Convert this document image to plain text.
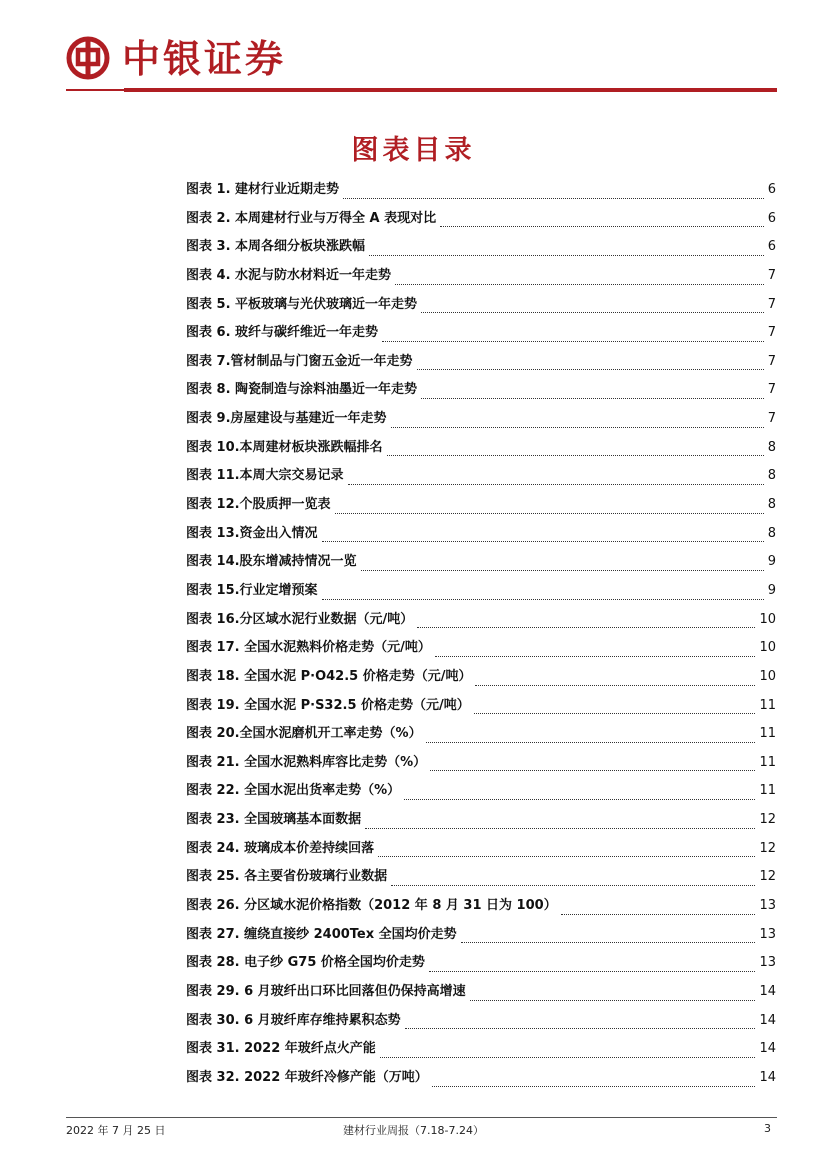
中银证券
图表目录
图表 1. 建材行业近期走势	6
图表 2. 本周建材行业与万得全 A 表现对比	6
图表 3. 本周各细分板块涨跌幅	6
图表 4. 水泥与防水材料近一年走势	7
图表 5. 平板玻璃与光伏玻璃近一年走势	7
图表 6. 玻纤与碳纤维近一年走势	7
图表 7.管材制品与门窗五金近一年走势	7
图表 8. 陶瓷制造与涂料油墨近一年走势	7
图表 9.房屋建设与基建近一年走势	7
图表 10.本周建材板块涨跌幅排名	8
图表 11.本周大宗交易记录	8
图表 12.个股质押一览表	8
图表 13.资金出入情况	8
图表 14.股东增减持情况一览	9
图表 15.行业定增预案	9
图表 16.分区域水泥行业数据（元/吨）	10
图表 17. 全国水泥熟料价格走势（元/吨）	10
图表 18. 全国水泥 P·O42.5 价格走势（元/吨）	10
图表 19. 全国水泥 P·S32.5 价格走势（元/吨）	11
图表 20.全国水泥磨机开工率走势（%）	11
图表 21. 全国水泥熟料库容比走势（%）	11
图表 22. 全国水泥出货率走势（%）	11
图表 23. 全国玻璃基本面数据	12
图表 24. 玻璃成本价差持续回落	12
图表 25. 各主要省份玻璃行业数据	12
图表 26. 分区域水泥价格指数（2012 年 8 月 31 日为 100）	13
图表 27. 缠绕直接纱 2400Tex 全国均价走势	13
图表 28. 电子纱 G75 价格全国均价走势	13
图表 29. 6 月玻纤出口环比回落但仍保持高增速	14
图表 30. 6 月玻纤库存维持累积态势	14
图表 31. 2022 年玻纤点火产能	14
图表 32. 2022 年玻纤冷修产能（万吨）	14
2022 年 7 月 25 日	建材行业周报（7.18-7.24）	3
